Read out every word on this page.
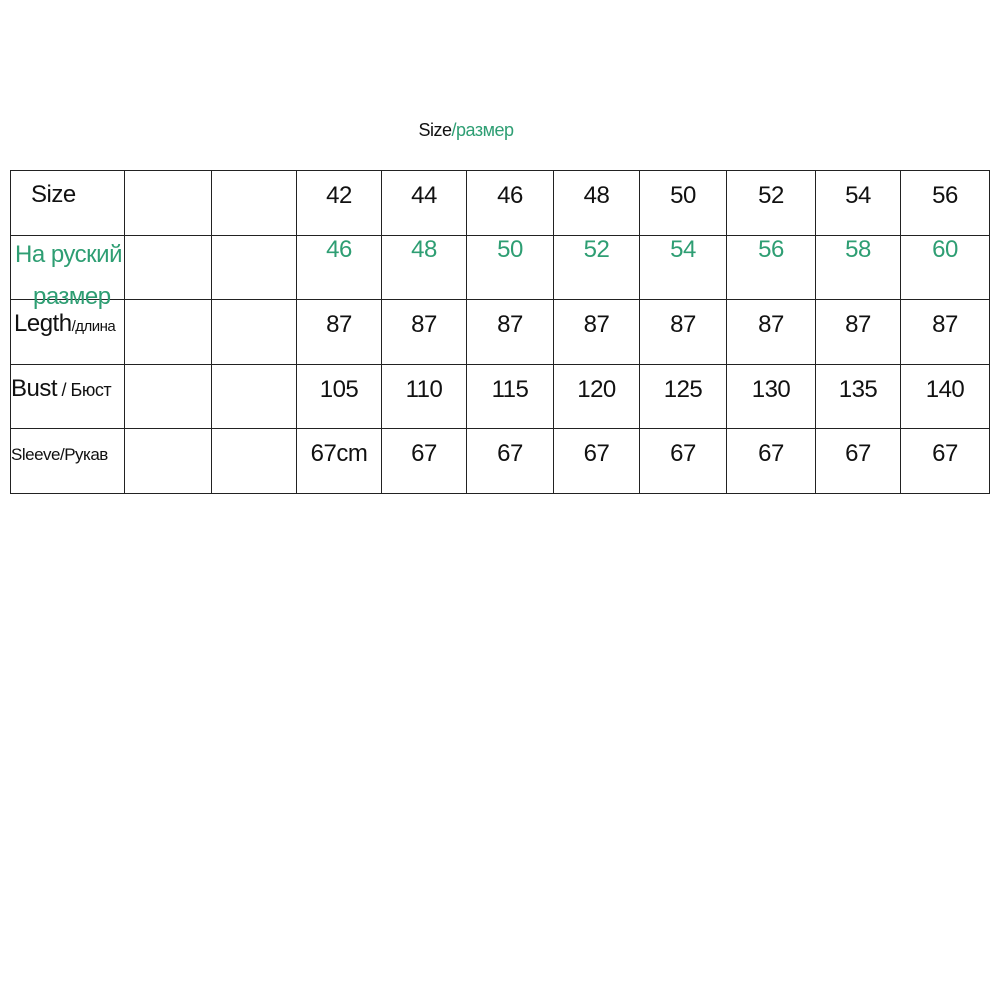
Size/размер
Size			42	44	46	48	50	52	54	56

На руский
размер			46	48	50	52	54	56	58	60

Legth/длина			87	87	87	87	87	87	87	87

Bust / Бюст			105	110	115	120	125	130	135	140

Sleeve/Рукав			67cm	67	67	67	67	67	67	67
